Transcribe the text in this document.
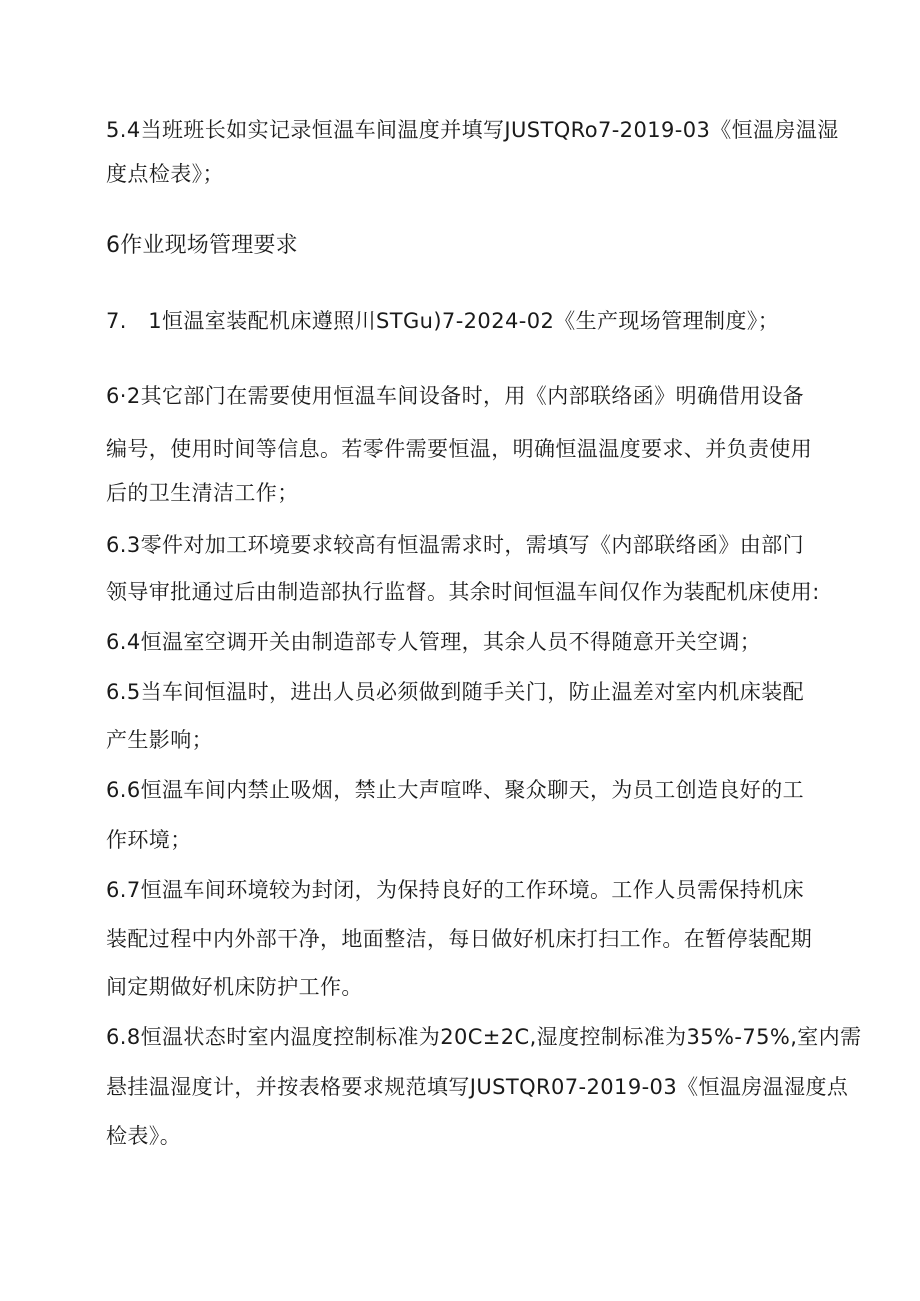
5.4当班班长如实记录恒温车间温度并填写JUSTQRo7-2019-03《恒温房温湿
度点检表》；
6作业现场管理要求
7.　1恒温室装配机床遵照川STGu)7-2024-02《生产现场管理制度》；
6·2其它部门在需要使用恒温车间设备时，用《内部联络函》明确借用设备
编号，使用时间等信息。若零件需要恒温，明确恒温温度要求、并负责使用
后的卫生清洁工作；
6.3零件对加工环境要求较高有恒温需求时，需填写《内部联络函》由部门
领导审批通过后由制造部执行监督。其余时间恒温车间仅作为装配机床使用:
6.4恒温室空调开关由制造部专人管理，其余人员不得随意开关空调；
6.5当车间恒温时，进出人员必须做到随手关门，防止温差对室内机床装配
产生影响；
6.6恒温车间内禁止吸烟，禁止大声喧哗、聚众聊天，为员工创造良好的工
作环境；
6.7恒温车间环境较为封闭，为保持良好的工作环境。工作人员需保持机床
装配过程中内外部干净，地面整洁，每日做好机床打扫工作。在暂停装配期
间定期做好机床防护工作。
6.8恒温状态时室内温度控制标准为20C±2C,湿度控制标准为35%-75%,室内需
悬挂温湿度计，并按表格要求规范填写JUSTQR07-2019-03《恒温房温湿度点
检表》。
